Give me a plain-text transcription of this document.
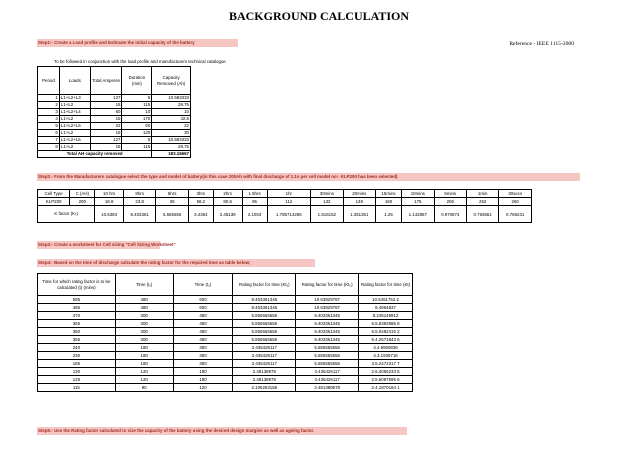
BACKGROUND CALCULATION
Step1:- Create a Load profile and Estimate the initial capacity of the battery	Reference - IEEE 1115-2000
To be followed in conjunction with the load profile and manufacturers technical catalogue
Period	Loads	Total Amperes	Duration (min)	Capacity Removed (Ah)
1	L1+L2+L3	127	5	10.583333
2	L1+L2	15	115	28.75
3	L1+L2+L4	60	10	10
4	L1+L2	15	170	42.5
5	L1+L2+L5	22	60	22
6	L1+L2	15	120	30
7	L1+L2+L6	127	5	10.583333
8	L1+L2	15	115	28.75
Total AH capacity removed				183.16667
Step2:- From the Manufacturers catalogue select the type and model of battery(in this case 200Ah with final discharge of 1.1v per cell model no:- KLP200 has been selected)
Cell Type	C (AH)	10 hrs	8hrs	5hrs	3hrs	2hrs	1.5hrs	1hr	30mins	20mins	15mins	10mins	5mins	1min	30secs
KLP200	200	18.8	23.8	36	58.2	80.6	95	112	132	148	160	175	206	252	260
K factor (Kₜ)		10.6383	8.403361	5.555556	3.4364	2.48139	2.1053	1.785714286	1.515152	1.351351	1.25	1.142857	0.970874	0.793651	0.769231
Step3:- Create a worksheet for Cell sizing "Cell Sizing Worksheet"
Step4:- Based on the time of discharge calculate the rating factor for the required time as table below;
Time for which rating factor is to be calculated (t) (mins)	Time (t₁)	Time (t₂)	Rating factor for time (Kt₁)	Rating factor for time (Kt₂)	Rating factor for time (Kt)
595	480	600	8.403361345	10.63829787	10.5451752.2
485	480	600	8.403361345	10.63829787	8.4964837
470	300	480	5.555555556	8.403361345	8.245149912
365	300	480	5.555555556	8.403361345	6.5.8392986 8
360	300	480	5.555555556	8.403361345	6.5.0482415 2
355	300	480	5.555555556	8.403361345	6.4.2571843 6
240	180	300	3.436426117	5.555555556	4.4.9590836
230	180	300	3.436426117	5.555555556	4.3.1936716
185	180	300	3.436426117	5.555555556	3.5.2472317 7
130	120	180	2.48138978	3.436426117	2.6.4056233 5
125	120	180	2.48138978	3.436426117	2.5.6097595 6
115	90	120	2.105263158	2.481389578	2.4.1870184 1
Step5:- Use the Rating factor calculated to size the capacity of the battery using the desired design margins as well as ageing factor.
